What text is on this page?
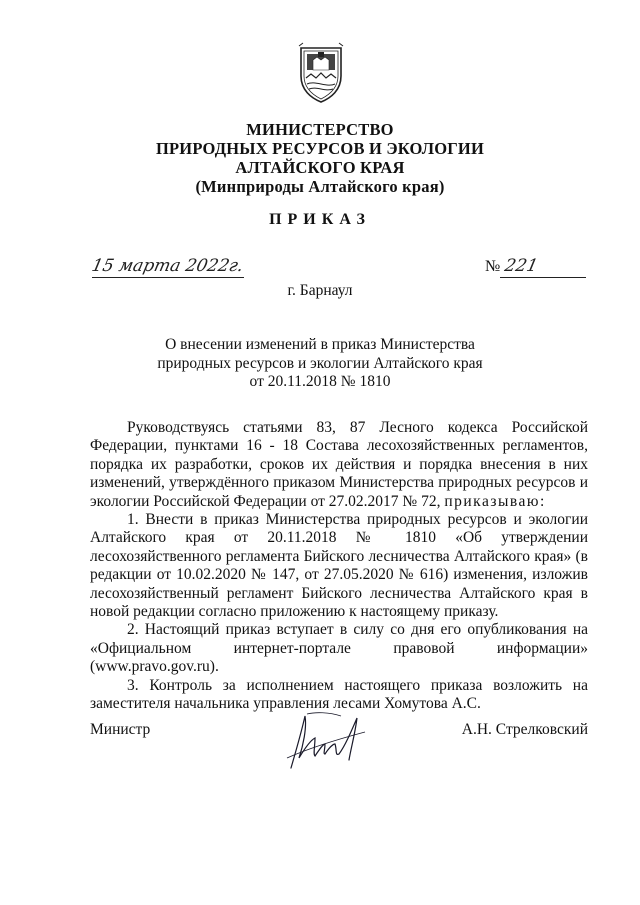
МИНИСТЕРСТВО
ПРИРОДНЫХ РЕСУРСОВ И ЭКОЛОГИИ
АЛТАЙСКОГО КРАЯ
(Минприроды Алтайского края)
ПРИКАЗ
15 марта 2022г.	№ 221
г. Барнаул
О внесении изменений в приказ Министерства
природных ресурсов и экологии Алтайского края
от 20.11.2018 № 1810

Руководствуясь статьями 83, 87 Лесного кодекса Российской Федерации, пунктами 16 - 18 Состава лесохозяйственных регламентов, порядка их разработки, сроков их действия и порядка внесения в них изменений, утверждённого приказом Министерства природных ресурсов и экологии Российской Федерации от 27.02.2017 № 72, приказываю:

1. Внести в приказ Министерства природных ресурсов и экологии Алтайского края от 20.11.2018 № 1810 «Об утверждении лесохозяйственного регламента Бийского лесничества Алтайского края» (в редакции от 10.02.2020 № 147, от 27.05.2020 № 616) изменения, изложив лесохозяйственный регламент Бийского лесничества Алтайского края в новой редакции согласно приложению к настоящему приказу.

2. Настоящий приказ вступает в силу со дня его опубликования на «Официальном интернет-портале правовой информации» (www.pravo.gov.ru).

3. Контроль за исполнением настоящего приказа возложить на заместителя начальника управления лесами Хомутова А.С.

Министр	А.Н. Стрелковский
